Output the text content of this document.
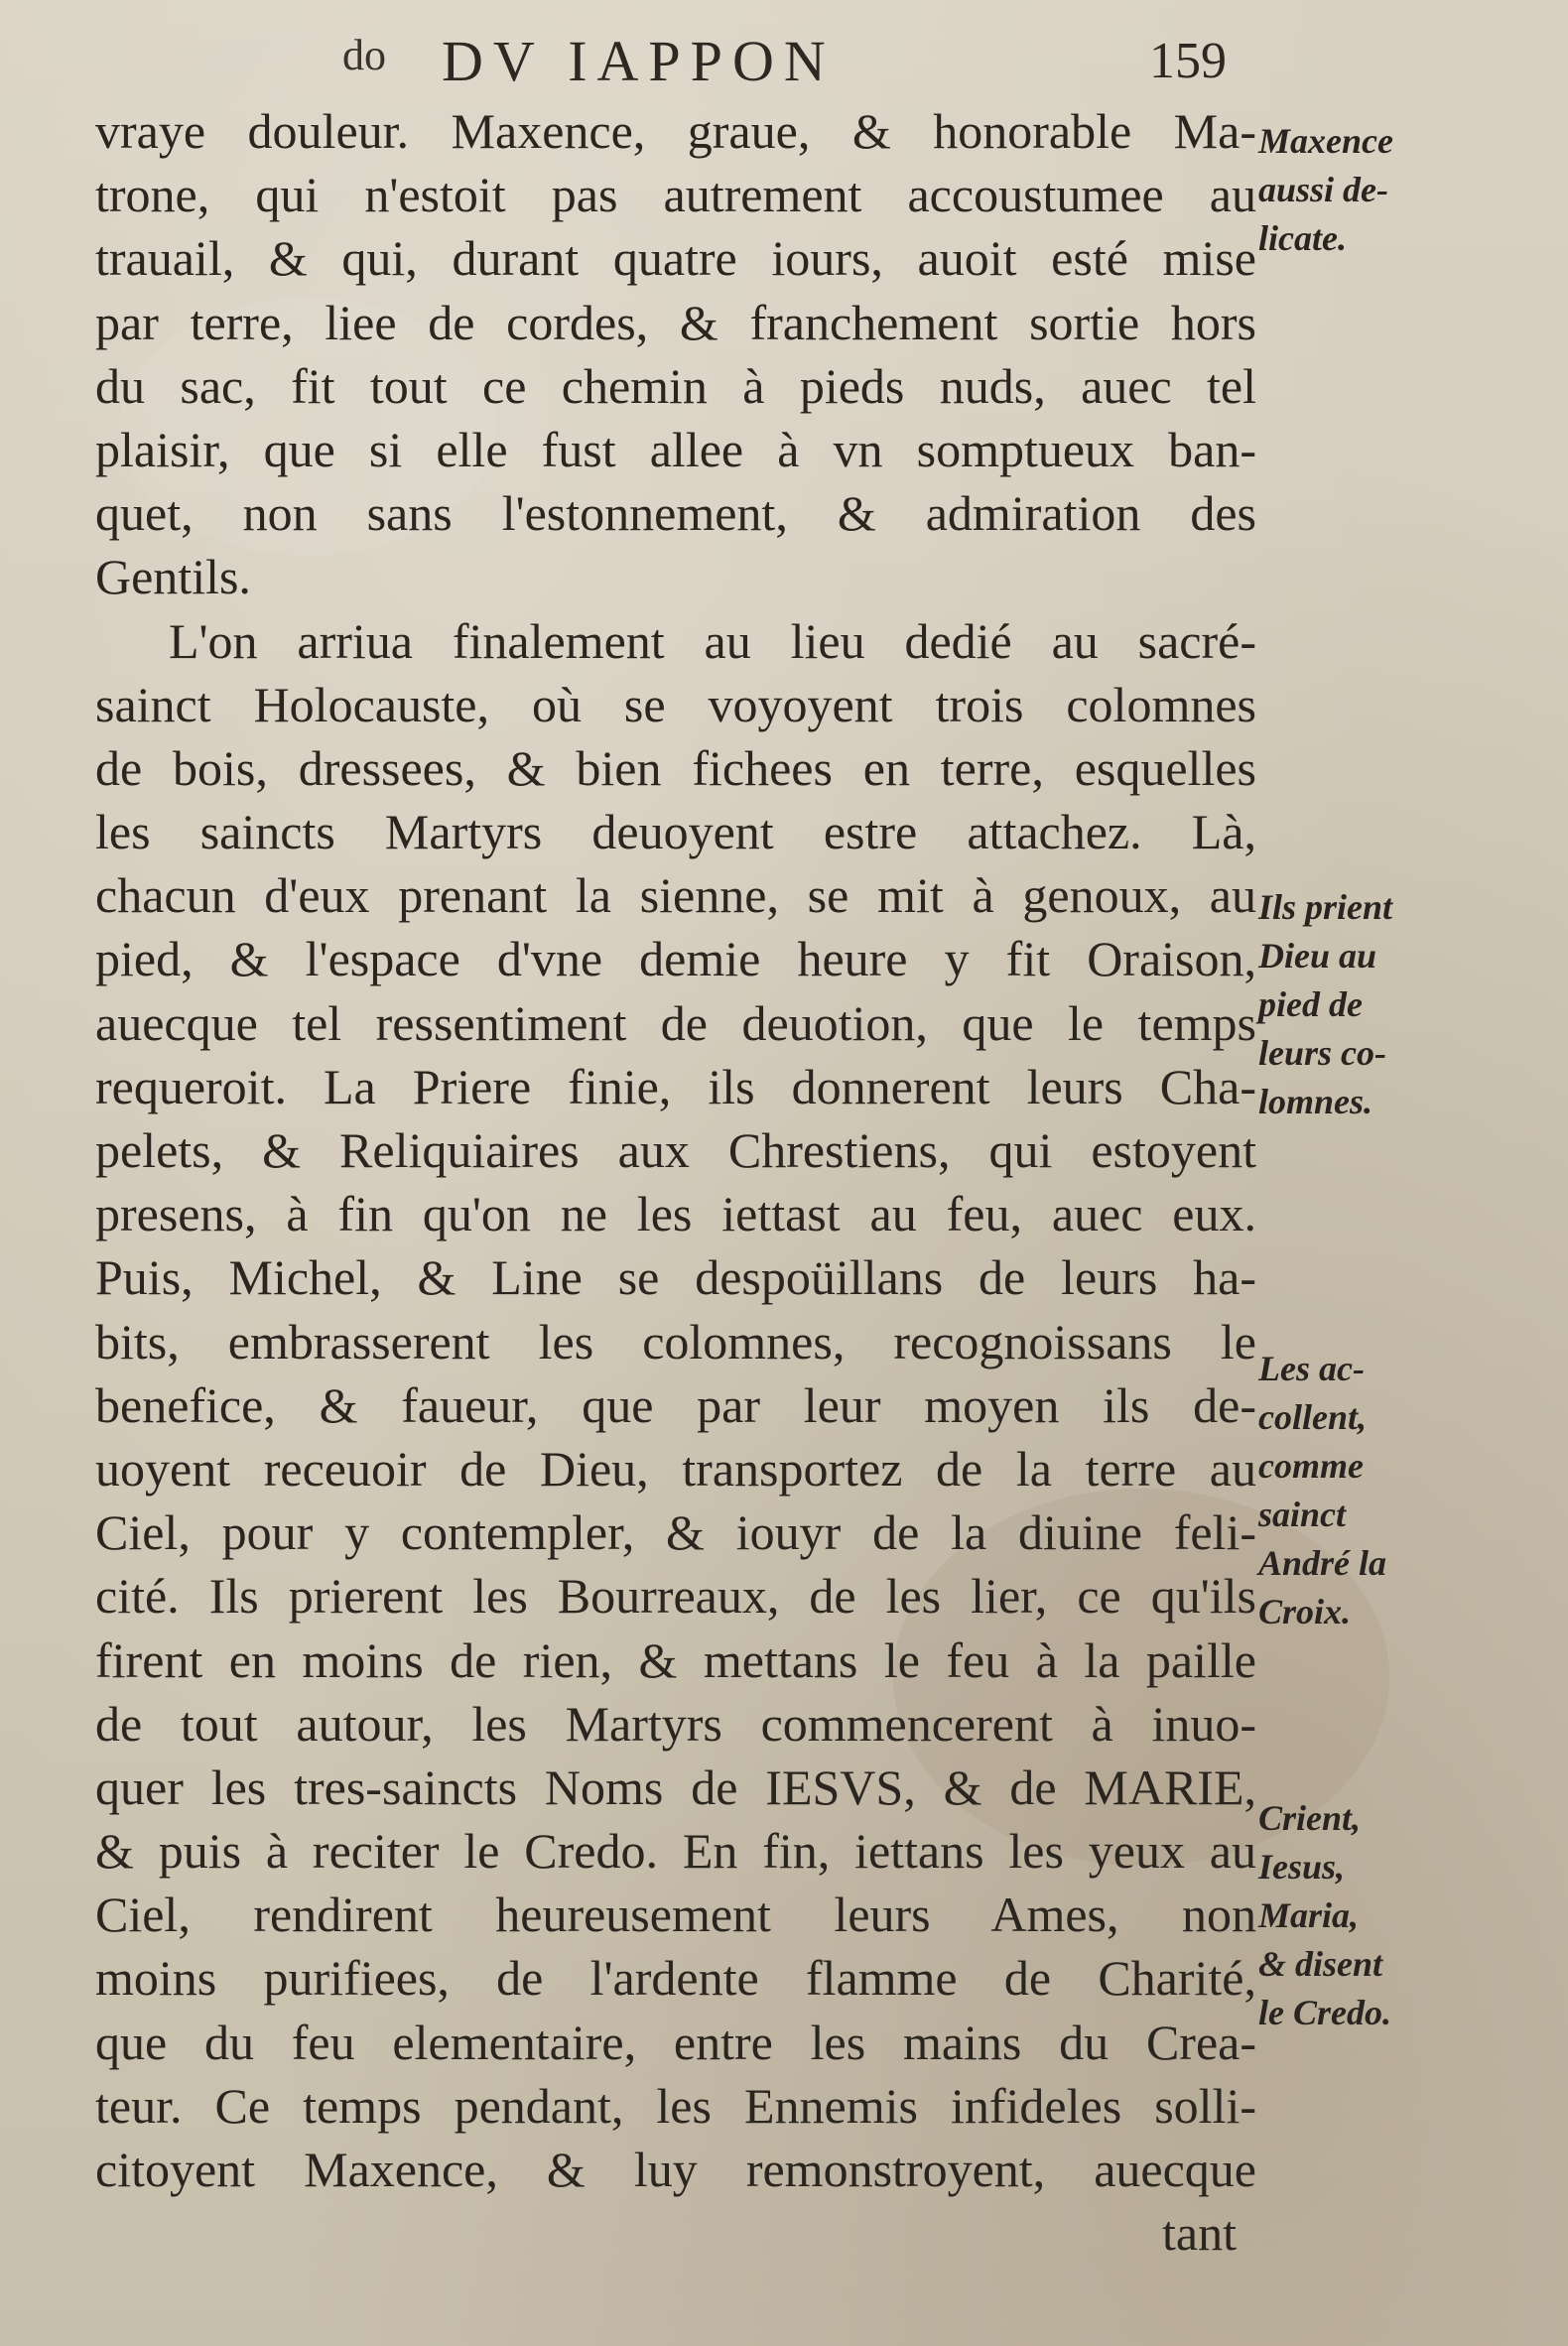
do DV IAPPON	159
vraye douleur. Maxence, graue, & honorable Ma-
trone, qui n'estoit pas autrement accoustumee au
trauail, & qui, durant quatre iours, auoit esté mise
par terre, liee de cordes, & franchement sortie hors
du sac, fit tout ce chemin à pieds nuds, auec tel
plaisir, que si elle fust allee à vn somptueux ban-
quet, non sans l'estonnement, & admiration des
Gentils.
L'on arriua finalement au lieu dedié au sacré-
sainct Holocauste, où se voyoyent trois colomnes
de bois, dressees, & bien fichees en terre, esquelles
les saincts Martyrs deuoyent estre attachez. Là,
chacun d'eux prenant la sienne, se mit à genoux, au
pied, & l'espace d'vne demie heure y fit Oraison,
auecque tel ressentiment de deuotion, que le temps
requeroit. La Priere finie, ils donnerent leurs Cha-
pelets, & Reliquiaires aux Chrestiens, qui estoyent
presens, à fin qu'on ne les iettast au feu, auec eux.
Puis, Michel, & Line se despoüillans de leurs ha-
bits, embrasserent les colomnes, recognoissans le
benefice, & faueur, que par leur moyen ils de-
uoyent receuoir de Dieu, transportez de la terre au
Ciel, pour y contempler, & iouyr de la diuine feli-
cité. Ils prierent les Bourreaux, de les lier, ce qu'ils
firent en moins de rien, & mettans le feu à la paille
de tout autour, les Martyrs commencerent à inuo-
quer les tres-saincts Noms de IESVS, & de MARIE,
& puis à reciter le Credo. En fin, iettans les yeux au
Ciel, rendirent heureusement leurs Ames, non
moins purifiees, de l'ardente flamme de Charité,
que du feu elementaire, entre les mains du Crea-
teur. Ce temps pendant, les Ennemis infideles solli-
citoyent Maxence, & luy remonstroyent, auecque
tant
Maxence
aussi de-
licate.
Ils prient
Dieu au
pied de
leurs co-
lomnes.
Les ac-
collent,
comme
sainct
André la
Croix.
Crient,
Iesus,
Maria,
& disent
le Credo.
